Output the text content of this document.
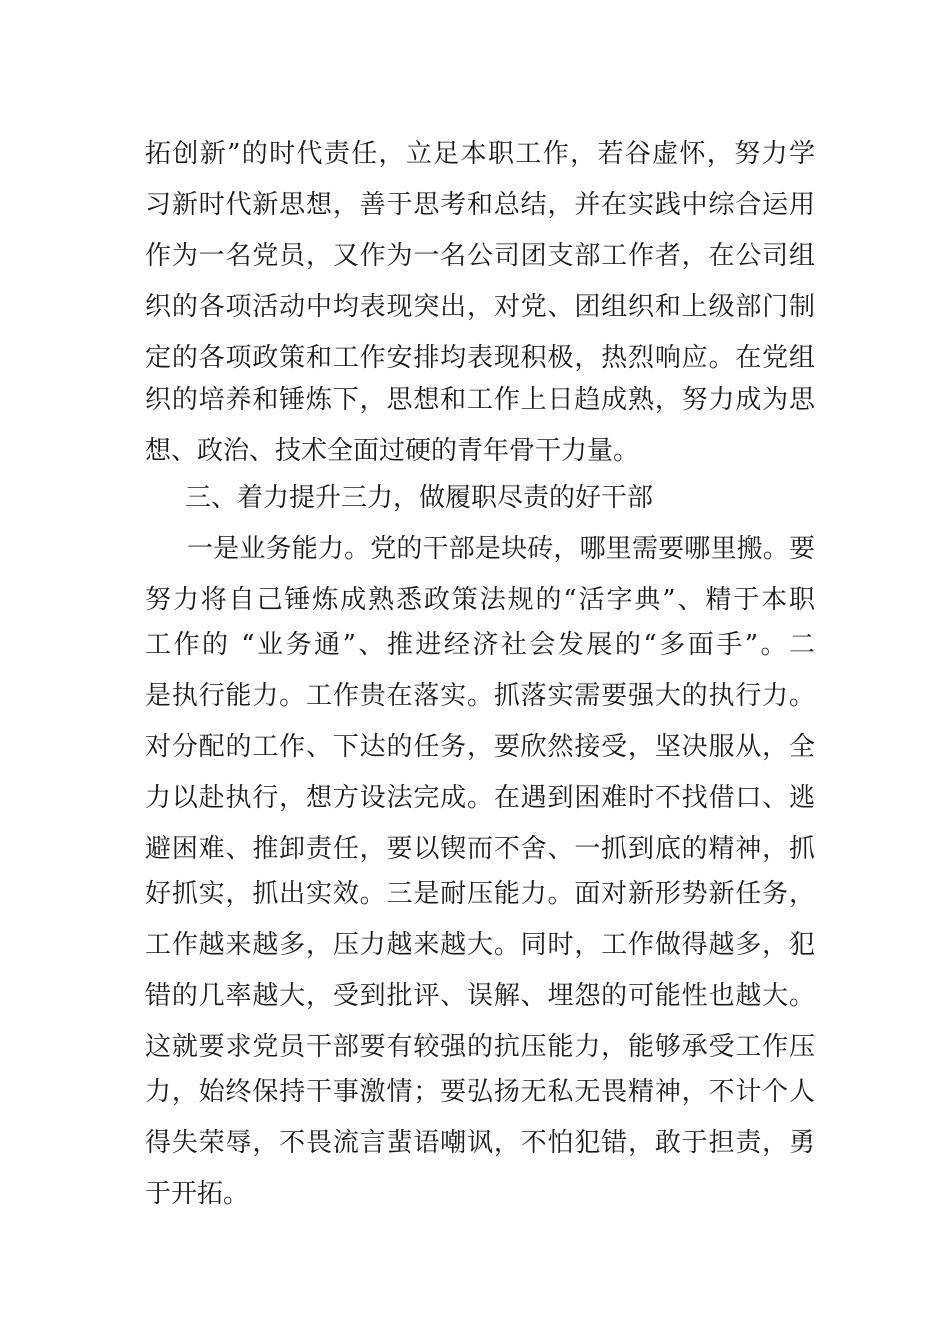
拓创新”的时代责任，立足本职工作，若谷虚怀，努力学
习新时代新思想，善于思考和总结，并在实践中综合运用
作为一名党员，又作为一名公司团支部工作者，在公司组
织的各项活动中均表现突出，对党、团组织和上级部门制
定的各项政策和工作安排均表现积极，热烈响应。在党组
织的培养和锤炼下，思想和工作上日趋成熟，努力成为思
想、政治、技术全面过硬的青年骨干力量。
三、着力提升三力，做履职尽责的好干部
一是业务能力。党的干部是块砖，哪里需要哪里搬。要
努力将自己锤炼成熟悉政策法规的“活字典”、精于本职
工作的 “业务通”、推进经济社会发展的“多面手”。二
是执行能力。工作贵在落实。抓落实需要强大的执行力。
对分配的工作、下达的任务，要欣然接受，坚决服从，全
力以赴执行，想方设法完成。在遇到困难时不找借口、逃
避困难、推卸责任，要以锲而不舍、一抓到底的精神，抓
好抓实，抓出实效。三是耐压能力。面对新形势新任务，
工作越来越多，压力越来越大。同时，工作做得越多，犯
错的几率越大，受到批评、误解、埋怨的可能性也越大。
这就要求党员干部要有较强的抗压能力，能够承受工作压
力，始终保持干事激情；要弘扬无私无畏精神，不计个人
得失荣辱，不畏流言蜚语嘲讽，不怕犯错，敢于担责，勇
于开拓。
